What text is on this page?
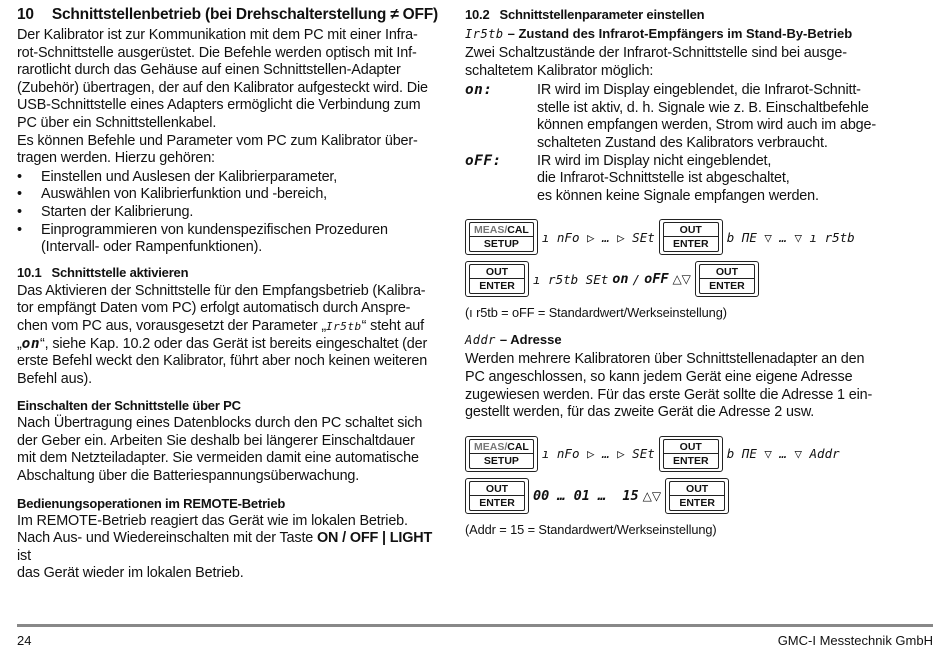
10 Schnittstellenbetrieb (bei Drehschalterstellung ≠ OFF)
Der Kalibrator ist zur Kommunikation mit dem PC mit einer Infra-
rot-Schnittstelle ausgerüstet. Die Befehle werden optisch mit Inf-
rarotlicht durch das Gehäuse auf einen Schnittstellen-Adapter
(Zubehör) übertragen, der auf den Kalibrator aufgesteckt wird. Die
USB-Schnittstelle eines Adapters ermöglicht die Verbindung zum
PC über ein Schnittstellenkabel.
Es können Befehle und Parameter vom PC zum Kalibrator über-
tragen werden. Hierzu gehören:
•	Einstellen und Auslesen der Kalibrierparameter,
•	Auswählen von Kalibrierfunktion und -bereich,
•	Starten der Kalibrierung.
•	Einprogrammieren von kundenspezifischen Prozeduren
(Intervall- oder Rampenfunktionen).
10.1 Schnittstelle aktivieren
Das Aktivieren der Schnittstelle für den Empfangsbetrieb (Kalibra-
tor empfängt Daten vom PC) erfolgt automatisch durch Anspre-
chen vom PC aus, vorausgesetzt der Parameter „Ir5tb“ steht auf
„on“, siehe Kap. 10.2 oder das Gerät ist bereits eingeschaltet (der
erste Befehl weckt den Kalibrator, führt aber noch keinen weiteren
Befehl aus).
Einschalten der Schnittstelle über PC
Nach Übertragung eines Datenblocks durch den PC schaltet sich
der Geber ein. Arbeiten Sie deshalb bei längerer Einschaltdauer
mit dem Netzteiladapter. Sie vermeiden damit eine automatische
Abschaltung über die Batteriespannungsüberwachung.
Bedienungsoperationen im REMOTE-Betrieb
Im REMOTE-Betrieb reagiert das Gerät wie im lokalen Betrieb.
Nach Aus- und Wiedereinschalten mit der Taste ON / OFF | LIGHT ist
das Gerät wieder im lokalen Betrieb.
10.2 Schnittstellenparameter einstellen
Ir5tb – Zustand des Infrarot-Empfängers im Stand-By-Betrieb
Zwei Schaltzustände der Infrarot-Schnittstelle sind bei ausge-
schaltetem Kalibrator möglich:
on:	IR wird im Display eingeblendet, die Infrarot-Schnitt-
stelle ist aktiv, d. h. Signale wie z. B. Einschaltbefehle
können empfangen werden, Strom wird auch im abge-
schalteten Zustand des Kalibrators verbraucht.
oFF:	IR wird im Display nicht eingeblendet,
die Infrarot-Schnittstelle ist abgeschaltet,
es können keine Signale empfangen werden.
MEAS/CAL
SETUP	ı nFo ▷ … ▷ SEt	OUT
ENTER	b ΠE ▽ … ▽ ı r5tb
OUT
ENTER	ı r5tb SEt on / oFF △▽	OUT
ENTER
(ı r5tb = oFF = Standardwert/Werkseinstellung)
Addr – Adresse
Werden mehrere Kalibratoren über Schnittstellenadapter an den
PC angeschlossen, so kann jedem Gerät eine eigene Adresse
zugewiesen werden. Für das erste Gerät sollte die Adresse 1 ein-
gestellt werden, für das zweite Gerät die Adresse 2 usw.
MEAS/CAL
SETUP	ı nFo ▷ … ▷ SEt	OUT
ENTER	b ΠE ▽ … ▽ Addr
OUT
ENTER	00 … 01 …  15 △▽	OUT
ENTER
(Addr = 15 = Standardwert/Werkseinstellung)
24	GMC-I Messtechnik GmbH
